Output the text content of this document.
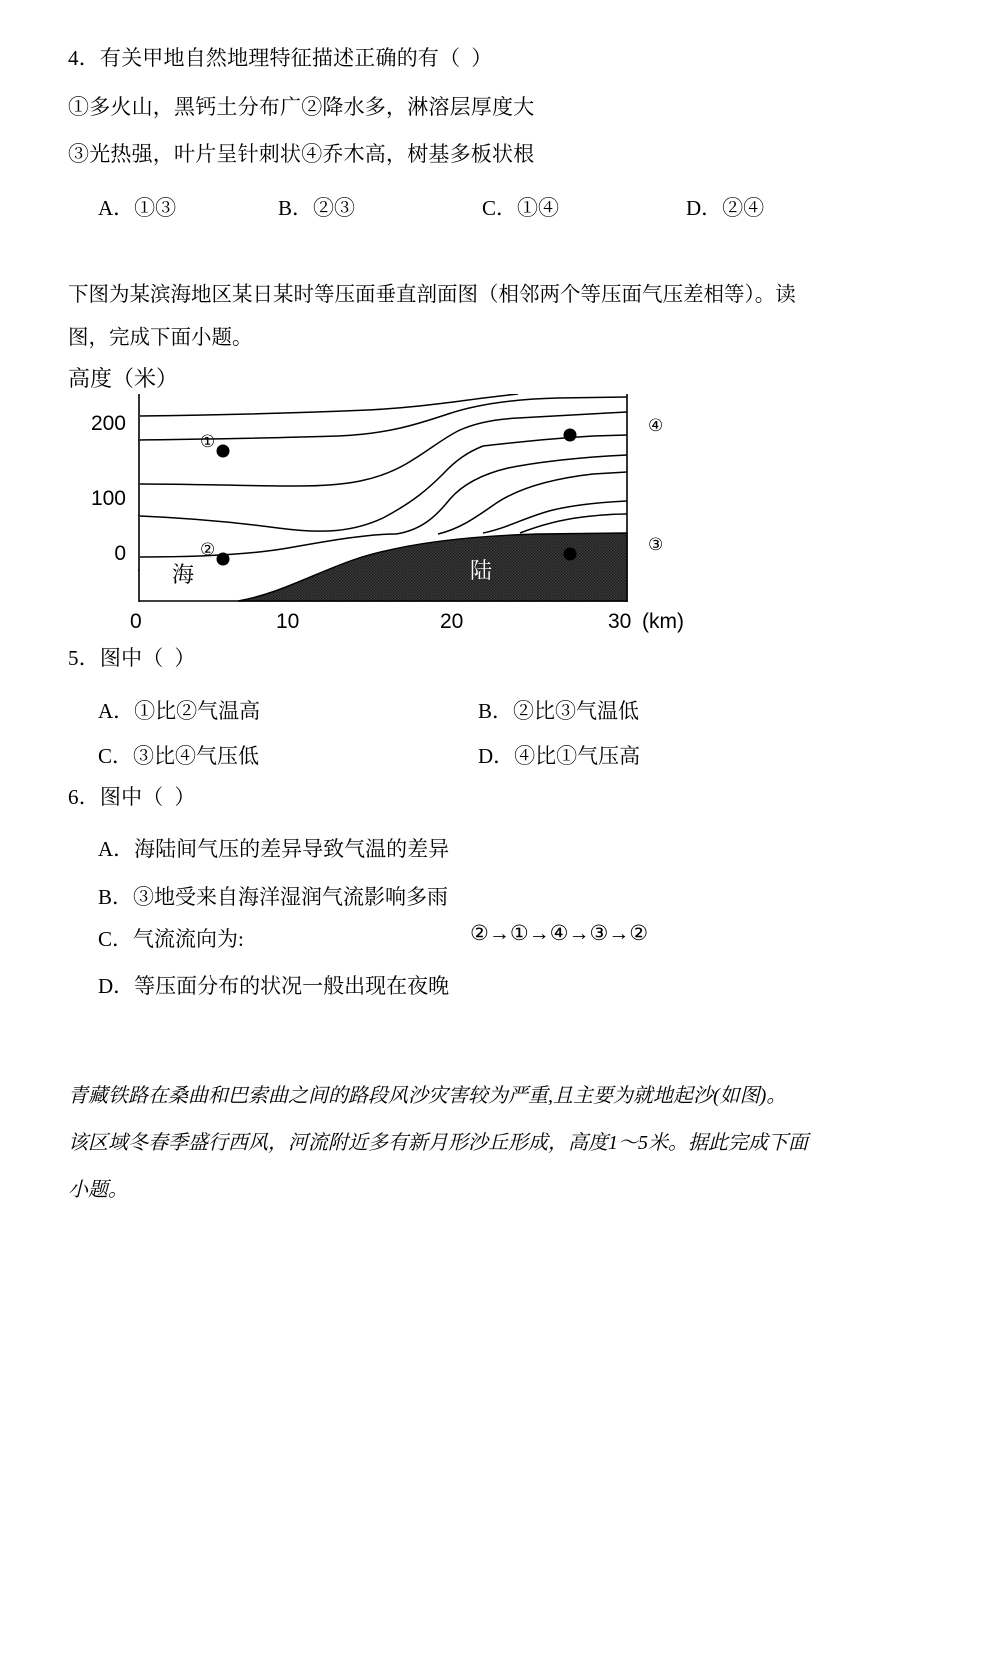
4．有关甲地自然地理特征描述正确的有（  ）
①多火山，黑钙土分布广②降水多，淋溶层厚度大
③光热强，叶片呈针刺状④乔木高，树基多板状根
A．①③	B．②③	C．①④	D．②④
下图为某滨海地区某日某时等压面垂直剖面图（相邻两个等压面气压差相等）。读
图，完成下面小题。
高度（米）
0
100
200
①
②	③
④
海	陆
0	10	20	30 (km)
5．图中（  ）
A．①比②气温高	B．②比③气温低
C．③比④气压低	D．④比①气压高
6．图中（  ）
A．海陆间气压的差异导致气温的差异
B．③地受来自海洋湿润气流影响多雨
C．气流流向为:	②→①→④→③→②
D．等压面分布的状况一般出现在夜晚
青藏铁路在桑曲和巴索曲之间的路段风沙灾害较为严重,且主要为就地起沙(如图)。
该区域冬春季盛行西风，河流附近多有新月形沙丘形成，高度1～5米。据此完成下面
小题。
